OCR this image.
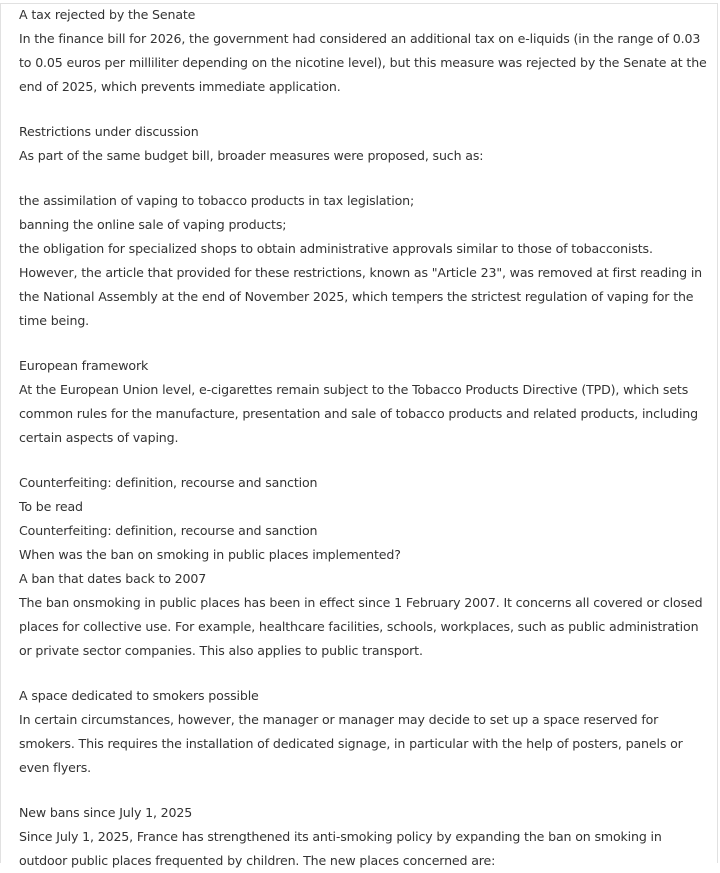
A tax rejected by the Senate
In the finance bill for 2026, the government had considered an additional tax on e-liquids (in the range of 0.03 to 0.05 euros per milliliter depending on the nicotine level), but this measure was rejected by the Senate at the end of 2025, which prevents immediate application.
Restrictions under discussion
As part of the same budget bill, broader measures were proposed, such as:
the assimilation of vaping to tobacco products in tax legislation;
banning the online sale of vaping products;
the obligation for specialized shops to obtain administrative approvals similar to those of tobacconists.
However, the article that provided for these restrictions, known as "Article 23", was removed at first reading in the National Assembly at the end of November 2025, which tempers the strictest regulation of vaping for the time being.
European framework
At the European Union level, e-cigarettes remain subject to the Tobacco Products Directive (TPD), which sets common rules for the manufacture, presentation and sale of tobacco products and related products, including certain aspects of vaping.
Counterfeiting: definition, recourse and sanction
To be read
Counterfeiting: definition, recourse and sanction
When was the ban on smoking in public places implemented?
A ban that dates back to 2007
The ban onsmoking in public places has been in effect since 1 February 2007. It concerns all covered or closed places for collective use. For example, healthcare facilities, schools, workplaces, such as public administration or private sector companies. This also applies to public transport.
A space dedicated to smokers possible
In certain circumstances, however, the manager or manager may decide to set up a space reserved for smokers. This requires the installation of dedicated signage, in particular with the help of posters, panels or even flyers.
New bans since July 1, 2025
Since July 1, 2025, France has strengthened its anti-smoking policy by expanding the ban on smoking in outdoor public places frequented by children. The new places concerned are:
